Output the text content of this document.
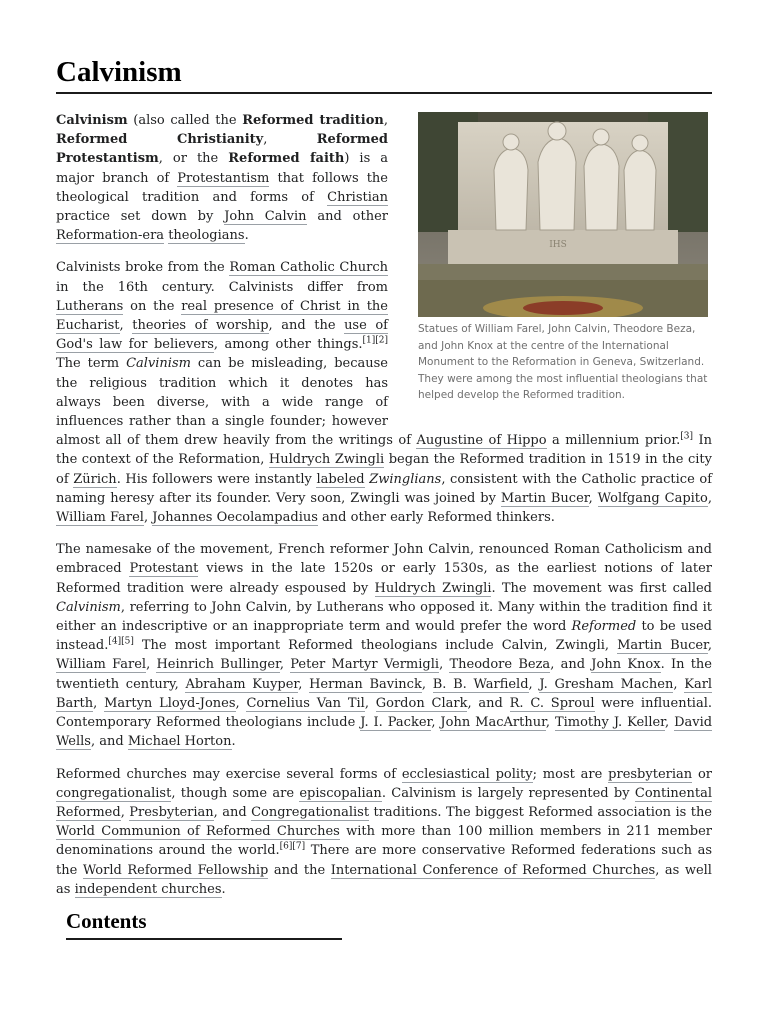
Calvinism
IHS
Statues of William Farel, John Calvin, Theodore Beza, and John Knox at the centre of the International Monument to the Reformation in Geneva, Switzerland. They were among the most influential theologians that helped develop the Reformed tradition.

Calvinism (also called the Reformed tradition, Reformed Christianity, Reformed Protestantism, or the Reformed faith) is a major branch of Protestantism that follows the theological tradition and forms of Christian practice set down by John Calvin and other Reformation-era theologians.

Calvinists broke from the Roman Catholic Church in the 16th century. Calvinists differ from Lutherans on the real presence of Christ in the Eucharist, theories of worship, and the use of God's law for believers, among other things.[1][2] The term Calvinism can be misleading, because the religious tradition which it denotes has always been diverse, with a wide range of influences rather than a single founder; however almost all of them drew heavily from the writings of Augustine of Hippo a millennium prior.[3] In the context of the Reformation, Huldrych Zwingli began the Reformed tradition in 1519 in the city of Zürich. His followers were instantly labeled Zwinglians, consistent with the Catholic practice of naming heresy after its founder. Very soon, Zwingli was joined by Martin Bucer, Wolfgang Capito, William Farel, Johannes Oecolampadius and other early Reformed thinkers.

The namesake of the movement, French reformer John Calvin, renounced Roman Catholicism and embraced Protestant views in the late 1520s or early 1530s, as the earliest notions of later Reformed tradition were already espoused by Huldrych Zwingli. The movement was first called Calvinism, referring to John Calvin, by Lutherans who opposed it. Many within the tradition find it either an indescriptive or an inappropriate term and would prefer the word Reformed to be used instead.[4][5] The most important Reformed theologians include Calvin, Zwingli, Martin Bucer, William Farel, Heinrich Bullinger, Peter Martyr Vermigli, Theodore Beza, and John Knox. In the twentieth century, Abraham Kuyper, Herman Bavinck, B. B. Warfield, J. Gresham Machen, Karl Barth, Martyn Lloyd-Jones, Cornelius Van Til, Gordon Clark, and R. C. Sproul were influential. Contemporary Reformed theologians include J. I. Packer, John MacArthur, Timothy J. Keller, David Wells, and Michael Horton.

Reformed churches may exercise several forms of ecclesiastical polity; most are presbyterian or congregationalist, though some are episcopalian. Calvinism is largely represented by Continental Reformed, Presbyterian, and Congregationalist traditions. The biggest Reformed association is the World Communion of Reformed Churches with more than 100 million members in 211 member denominations around the world.[6][7] There are more conservative Reformed federations such as the World Reformed Fellowship and the International Conference of Reformed Churches, as well as independent churches.

Contents
